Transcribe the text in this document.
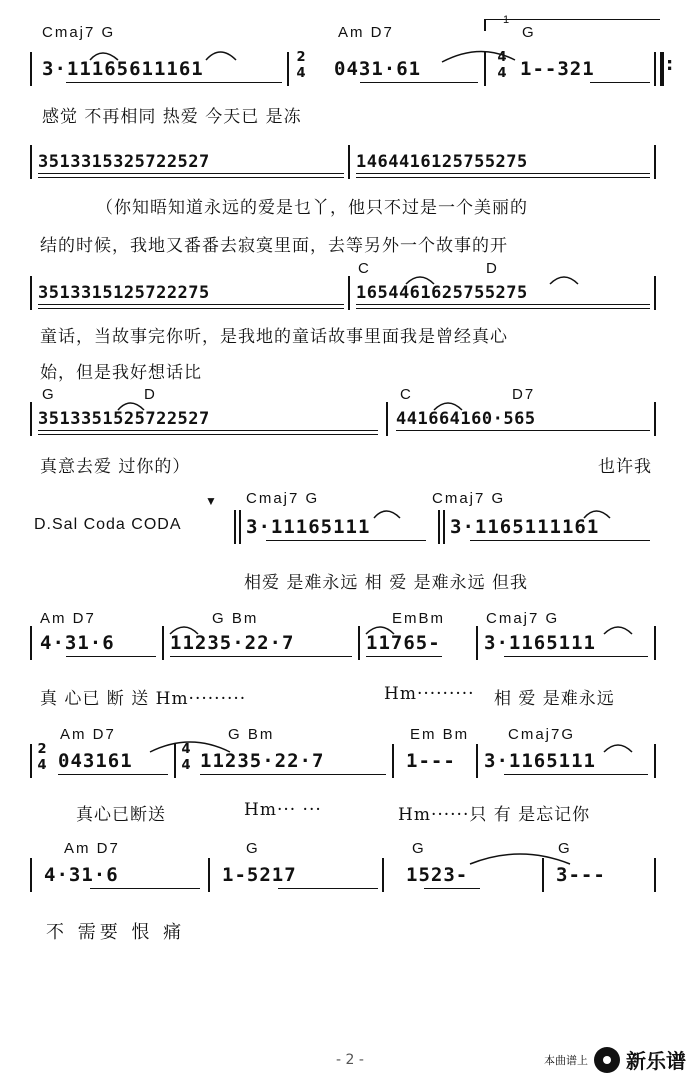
Cmaj7 G	Am D7
1
G
3·11165611161
2
4 0431·61
4
4 1--321	:
感觉 不再相同 热爱 今天已 是冻
3513315325722527	1464416125755275
（你知晤知道永远的爱是乜丫，他只不过是一个美丽的
结的时候，我地又番番去寂寞里面，去等另外一个故事的开
C	D
3513315125722275	1654461625755275
童话，当故事完你听，是我地的童话故事里面我是曾经真心
始，但是我好想话比
G	D	C	D7
3513351525722527	441664160·565
真意去爱 过你的）	也许我
Cmaj7 G	Cmaj7 G
▼
D.Sal Coda CODA	3·11165111	3·1165111161
相爱 是难永远 相 爱 是难永远 但我
Am D7	G Bm	EmBm	Cmaj7 G
4·31·6	11235·22·7	11765- 3·1165111
真 心已 断 送 Hm·········	Hm········· 相 爱 是难永远
Am D7	G Bm	Em Bm	Cmaj7G
2
4 043161
4
4 11235·22·7	1--- 3·1165111
真心已断送	Hm··· ···	Hm······只 有 是忘记你
Am D7	G	G	G
4·31·6	1-5217	1523-	3---
不 需要 恨 痛
- 2 -	本曲谱上 新乐谱
